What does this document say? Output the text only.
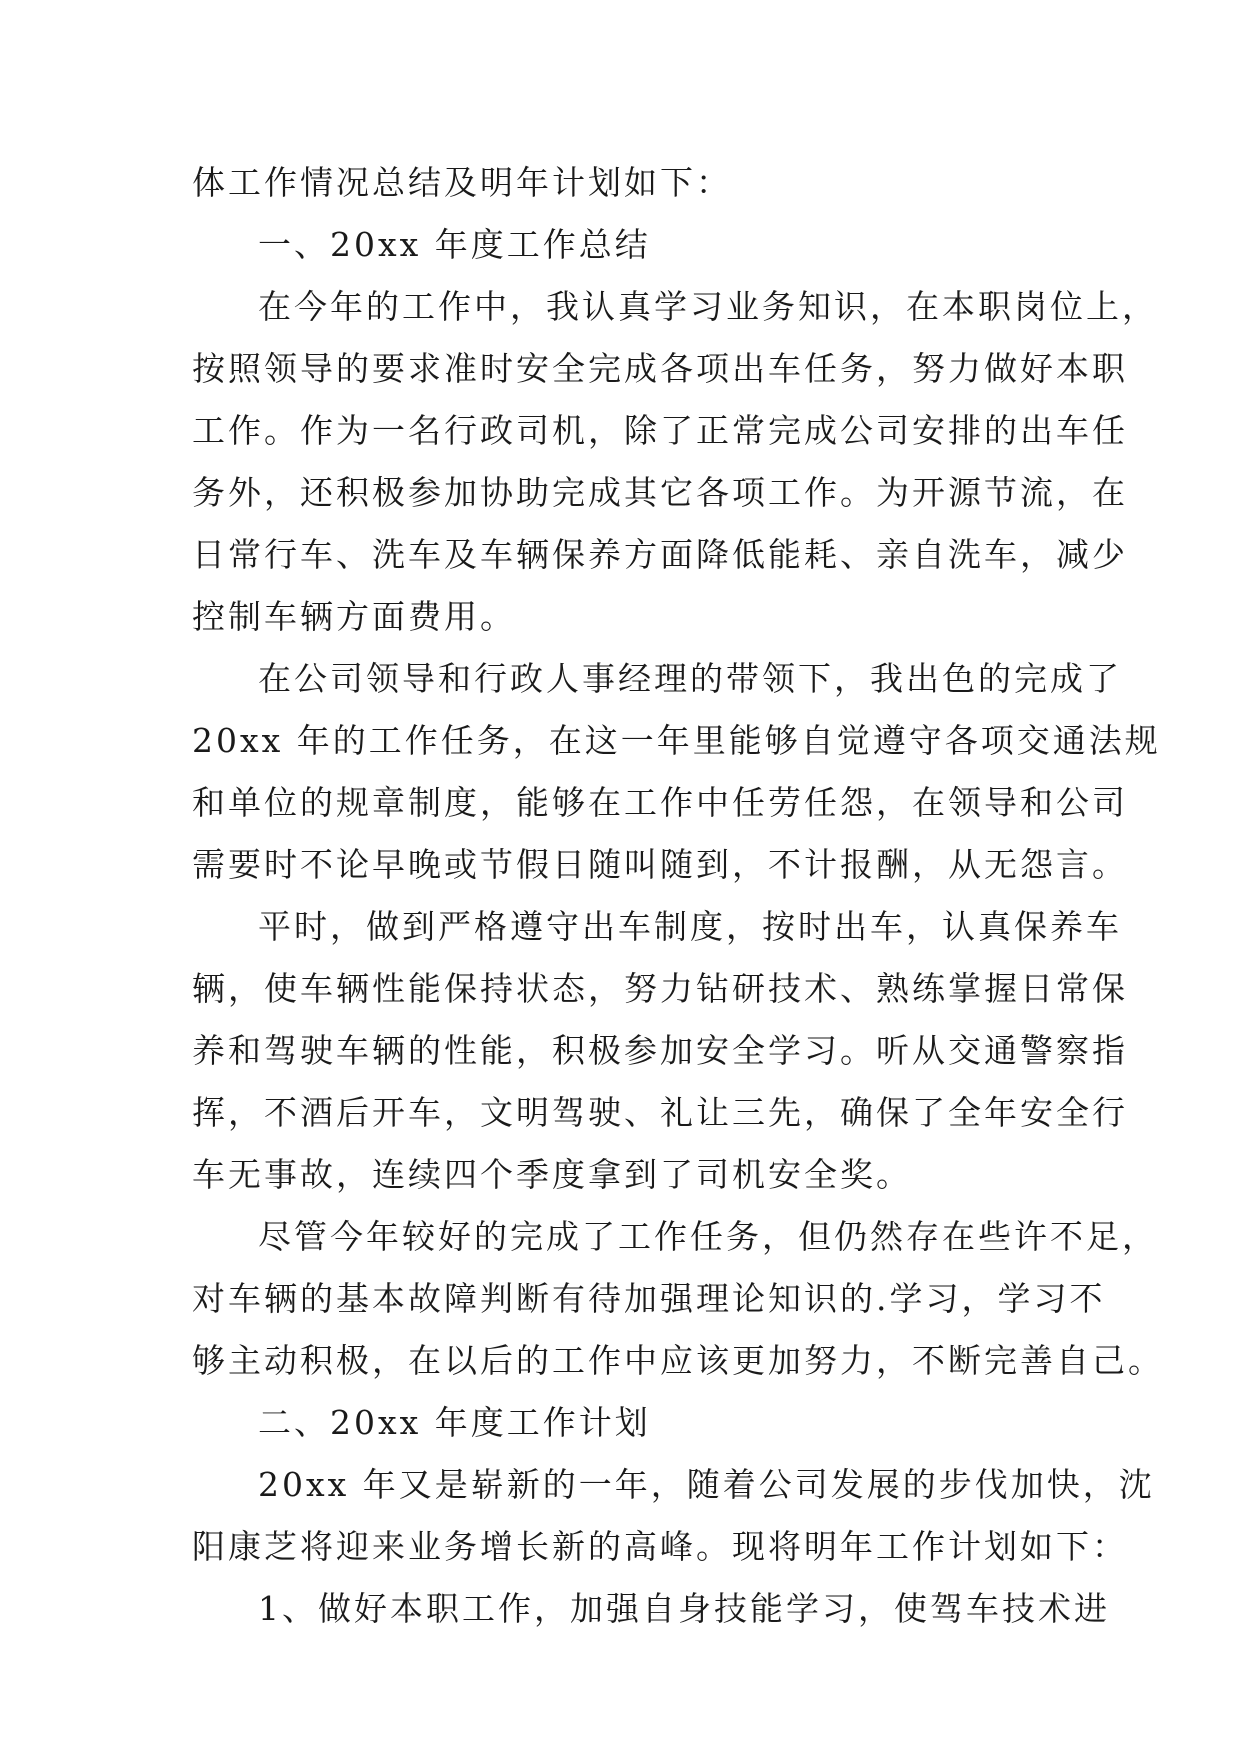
体工作情况总结及明年计划如下：
一、20xx 年度工作总结
在今年的工作中，我认真学习业务知识，在本职岗位上，
按照领导的要求准时安全完成各项出车任务，努力做好本职
工作。作为一名行政司机，除了正常完成公司安排的出车任
务外，还积极参加协助完成其它各项工作。为开源节流，在
日常行车、洗车及车辆保养方面降低能耗、亲自洗车，减少
控制车辆方面费用。
在公司领导和行政人事经理的带领下，我出色的完成了
20xx 年的工作任务，在这一年里能够自觉遵守各项交通法规
和单位的规章制度，能够在工作中任劳任怨，在领导和公司
需要时不论早晚或节假日随叫随到，不计报酬，从无怨言。
平时，做到严格遵守出车制度，按时出车，认真保养车
辆，使车辆性能保持状态，努力钻研技术、熟练掌握日常保
养和驾驶车辆的性能，积极参加安全学习。听从交通警察指
挥，不酒后开车，文明驾驶、礼让三先，确保了全年安全行
车无事故，连续四个季度拿到了司机安全奖。
尽管今年较好的完成了工作任务，但仍然存在些许不足，
对车辆的基本故障判断有待加强理论知识的.学习，学习不
够主动积极，在以后的工作中应该更加努力，不断完善自己。
二、20xx 年度工作计划
20xx 年又是崭新的一年，随着公司发展的步伐加快，沈
阳康芝将迎来业务增长新的高峰。现将明年工作计划如下：
1、做好本职工作，加强自身技能学习，使驾车技术进
